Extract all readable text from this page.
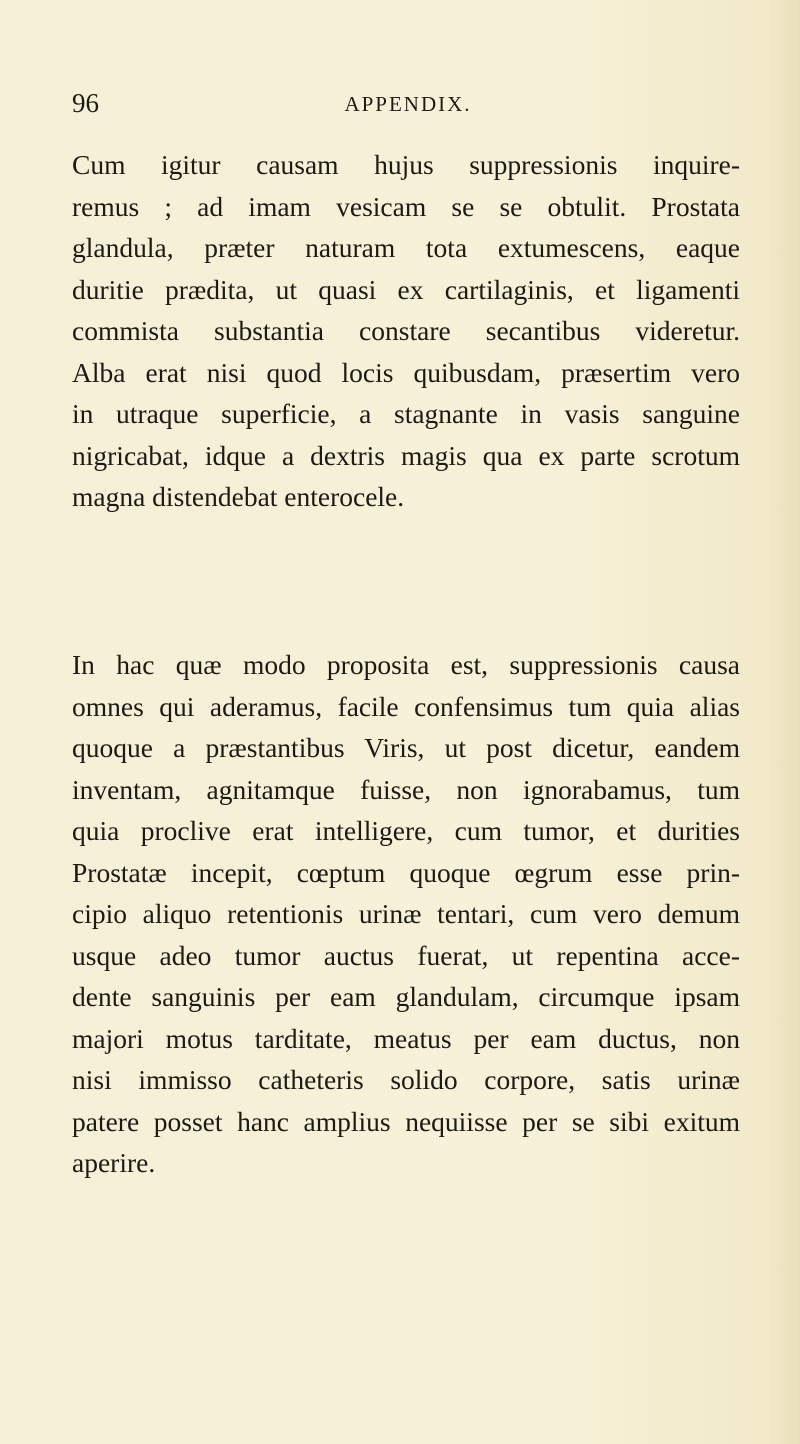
96	APPENDIX.

Cum igitur causam hujus suppressionis inquire-
remus ; ad imam vesicam se se obtulit. Prostata
glandula, præter naturam tota extumescens, eaque
duritie prædita, ut quasi ex cartilaginis, et ligamenti
commista substantia constare secantibus videretur.
Alba erat nisi quod locis quibusdam, præsertim vero
in utraque superficie, a stagnante in vasis sanguine
nigricabat, idque a dextris magis qua ex parte scrotum
magna distendebat enterocele.

In hac quæ modo proposita est, suppressionis causa
omnes qui aderamus, facile confensimus tum quia alias
quoque a præstantibus Viris, ut post dicetur, eandem
inventam, agnitamque fuisse, non ignorabamus, tum
quia proclive erat intelligere, cum tumor, et durities
Prostatæ incepit, cœptum quoque œgrum esse prin-
cipio aliquo retentionis urinæ tentari, cum vero demum
usque adeo tumor auctus fuerat, ut repentina acce-
dente sanguinis per eam glandulam, circumque ipsam
majori motus tarditate, meatus per eam ductus, non
nisi immisso catheteris solido corpore, satis urinæ
patere posset hanc amplius nequiisse per se sibi exitum
aperire.
